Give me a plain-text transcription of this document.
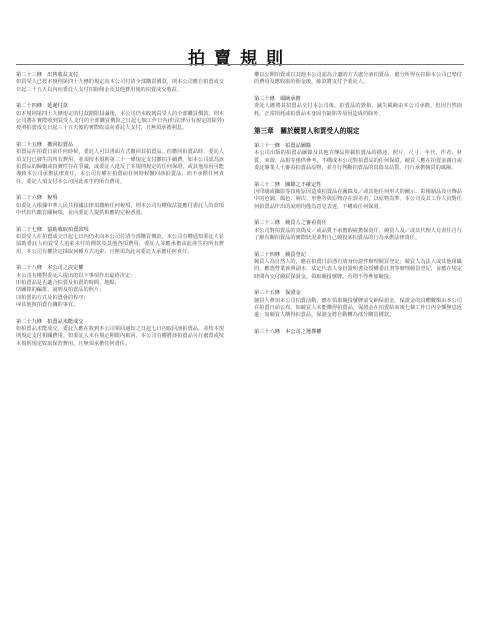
拍賣規則
第二十三條　出售收益支付
如買受人已按本規則第四十九條的規定向本公司付清全部購買價款，則本公司應自拍賣成交日起三十五天以內向委託人支付扣除佣金及其他費用後的拍賣成交收益。
第二十四條　延遲付款
如本規則第四十九條規定的付款期限屆滿後，本公司仍未收到買受人的全部購買價款，則本公司將在實際收到買受人支付的全部購買價款之日起七個工作日內(但法律另有規定的除外)按照拍賣成交日起三十五天後的實際收益向委託人支付，且無須承擔利息。
第二十五條　撤回拍賣品
拍賣品在拍賣日前任何時候，委託人可以書面方式撤回其拍賣品。但撤回拍賣品時，委託人須支付已發生的所有費用，並須按本規則第二十一條規定支付撤拍手續費。如本公司認為該拍賣品的歸屬或真實性存在爭議，或委託人違反了本規則規定的任何保證，或其他原因可能導致本公司承擔法律責任，本公司有權在拍賣前任何時候撤回該拍賣品，而不承擔任何責任。委託人須支付本公司因此產生的所有費用。
第二十六條　稅項
如委託人根據中華人民共和國法律須繳納任何稅項，則本公司有權依法從應付委託人的款項中代扣代繳有關稅項，並向委託人提供相應的完稅憑證。
第二十七條　協助收取拍賣款項
如買受人在拍賣成交日起七日內仍未向本公司付清全部購買價款，本公司有權通知委託人並協助委託人向買受人追索未付的價款及其他各項費用，委託人並應承擔由此產生的所有費用。本公司有權決定採取何種方式追索，且無須為此向委託人承擔任何責任。
第二十八條　本公司之決定權
本公司有權對委託人提出的以下事項作出最終決定：
⑴拍賣品是否適合拍賣及拍賣的時間、地點；
⑵圖錄的編排、說明及拍賣品的照片；
⑶拍賣的方式及拍賣會的程序；
⑷其他與拍賣有關的事宜。
第二十九條　拍賣品未能成交
如拍賣品未能成交，委託人應在收到本公司領回通知之日起七日內取回該拍賣品，並按本規則規定支付相關費用。如委託人未在規定期限內取回，本公司有權將該拍賣品另行處置或按本規則規定收取保管費用，且無須承擔任何責任。
權以公開拍賣或以其他本公司認為合適的方式處分該拍賣品，處分所得在扣除本公司已墊付的費用及應收取的佣金後，餘款將支付予委託人。
第三十條　風險承擔
委託人應將其拍賣品交付本公司後，拍賣品的毀損、滅失風險由本公司承擔，但因自然損耗、正常損耗或拍賣品本身固有缺陷等原因造成的除外。
第三章　關於競買人和買受人的規定
第三十一條　拍賣品圖錄
本公司出版的拍賣品圖錄及其他宣傳品所載拍賣品的描述、照片、尺寸、年代、作者、材質、來源、品相等僅供參考，不構成本公司對拍賣品的任何保證。競買人應在拍賣前親自或委託專業人士審看拍賣品原物，並自行判斷拍賣品的真偽及品質，自行承擔競買的風險。
第三十二條　圖錄之不確定性
因印刷或攝影等技術原因造成拍賣品在圖錄及／或其他任何形式的圖示、影像制品及宣傳品中的色調、顏色、層次、形態等與原物存在誤差者，以原物為準。本公司及其工作人員對任何拍賣品作出的說明均僅為意見表達，不構成任何保證。
第三十三條　競買人之審看責任
本公司對拍賣品的真偽及／或品質不承擔瑕疵擔保責任。競買人及／或其代理人有責任自行了解有關拍賣品的實際狀況並對自己競投某拍賣品的行為承擔法律責任。
第三十四條　競買登記
競買人為自然人的，應在拍賣日前憑有效身份證件辦理競買登記；競買人為法人或其他組織的，應憑營業執照副本、法定代表人身份證明書及授權委託書等辦理競買登記，並應在規定時間內交付競買保證金，領取競投號牌。否則不得參加競投。
第三十五條　保證金
競買人參加本公司拍賣活動，應在領取競投號牌前交納保證金。保證金的具體數額由本公司在拍賣日前公布。如競買人未能購得拍賣品，保證金在拍賣結束後七個工作日內全額無息返還；如競買人購得拍賣品，保證金將自動轉為部分購買價款。
第三十六條　本公司之選擇權
